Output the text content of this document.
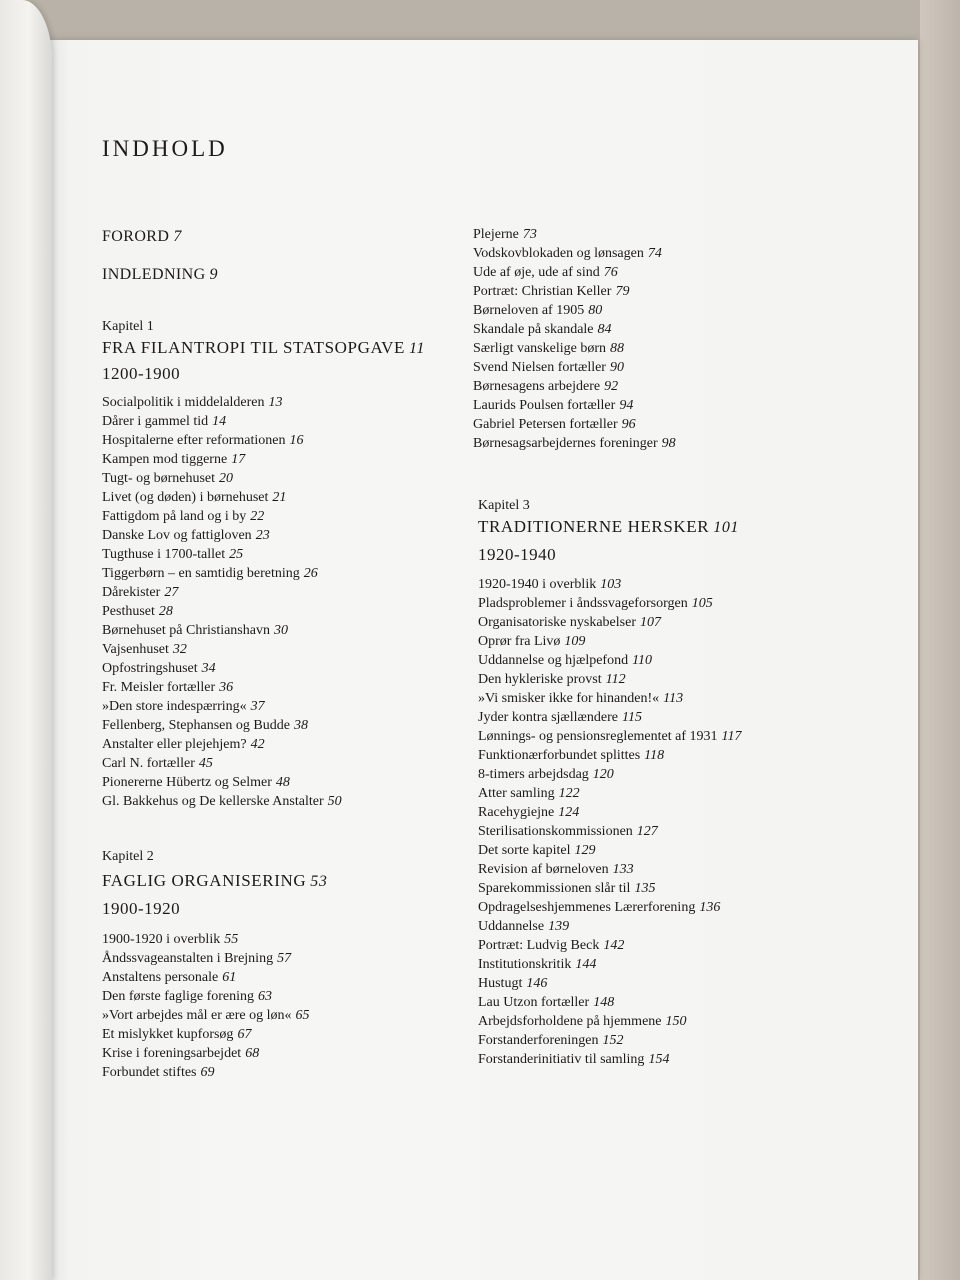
INDHOLD
FORORD 7
INDLEDNING 9
Kapitel 1
FRA FILANTROPI TIL STATSOPGAVE 11
1200-1900
Socialpolitik i middelalderen 13
Dårer i gammel tid 14
Hospitalerne efter reformationen 16
Kampen mod tiggerne 17
Tugt- og børnehuset 20
Livet (og døden) i børnehuset 21
Fattigdom på land og i by 22
Danske Lov og fattigloven 23
Tugthuse i 1700-tallet 25
Tiggerbørn – en samtidig beretning 26
Dårekister 27
Pesthuset 28
Børnehuset på Christianshavn 30
Vajsenhuset 32
Opfostringshuset 34
Fr. Meisler fortæller 36
»Den store indespærring« 37
Fellenberg, Stephansen og Budde 38
Anstalter eller plejehjem? 42
Carl N. fortæller 45
Pionererne Hübertz og Selmer 48
Gl. Bakkehus og De kellerske Anstalter 50
Kapitel 2
FAGLIG ORGANISERING 53
1900-1920
1900-1920 i overblik 55
Åndssvageanstalten i Brejning 57
Anstaltens personale 61
Den første faglige forening 63
»Vort arbejdes mål er ære og løn« 65
Et mislykket kupforsøg 67
Krise i foreningsarbejdet 68
Forbundet stiftes 69
Plejerne 73
Vodskovblokaden og lønsagen 74
Ude af øje, ude af sind 76
Portræt: Christian Keller 79
Børneloven af 1905 80
Skandale på skandale 84
Særligt vanskelige børn 88
Svend Nielsen fortæller 90
Børnesagens arbejdere 92
Laurids Poulsen fortæller 94
Gabriel Petersen fortæller 96
Børnesagsarbejdernes foreninger 98
Kapitel 3
TRADITIONERNE HERSKER 101
1920-1940
1920-1940 i overblik 103
Pladsproblemer i åndssvageforsorgen 105
Organisatoriske nyskabelser 107
Oprør fra Livø 109
Uddannelse og hjælpefond 110
Den hykleriske provst 112
»Vi smisker ikke for hinanden!« 113
Jyder kontra sjællændere 115
Lønnings- og pensionsreglementet af 1931 117
Funktionærforbundet splittes 118
8-timers arbejdsdag 120
Atter samling 122
Racehygiejne 124
Sterilisationskommissionen 127
Det sorte kapitel 129
Revision af børneloven 133
Sparekommissionen slår til 135
Opdragelseshjemmenes Lærerforening 136
Uddannelse 139
Portræt: Ludvig Beck 142
Institutionskritik 144
Hustugt 146
Lau Utzon fortæller 148
Arbejdsforholdene på hjemmene 150
Forstanderforeningen 152
Forstanderinitiativ til samling 154
